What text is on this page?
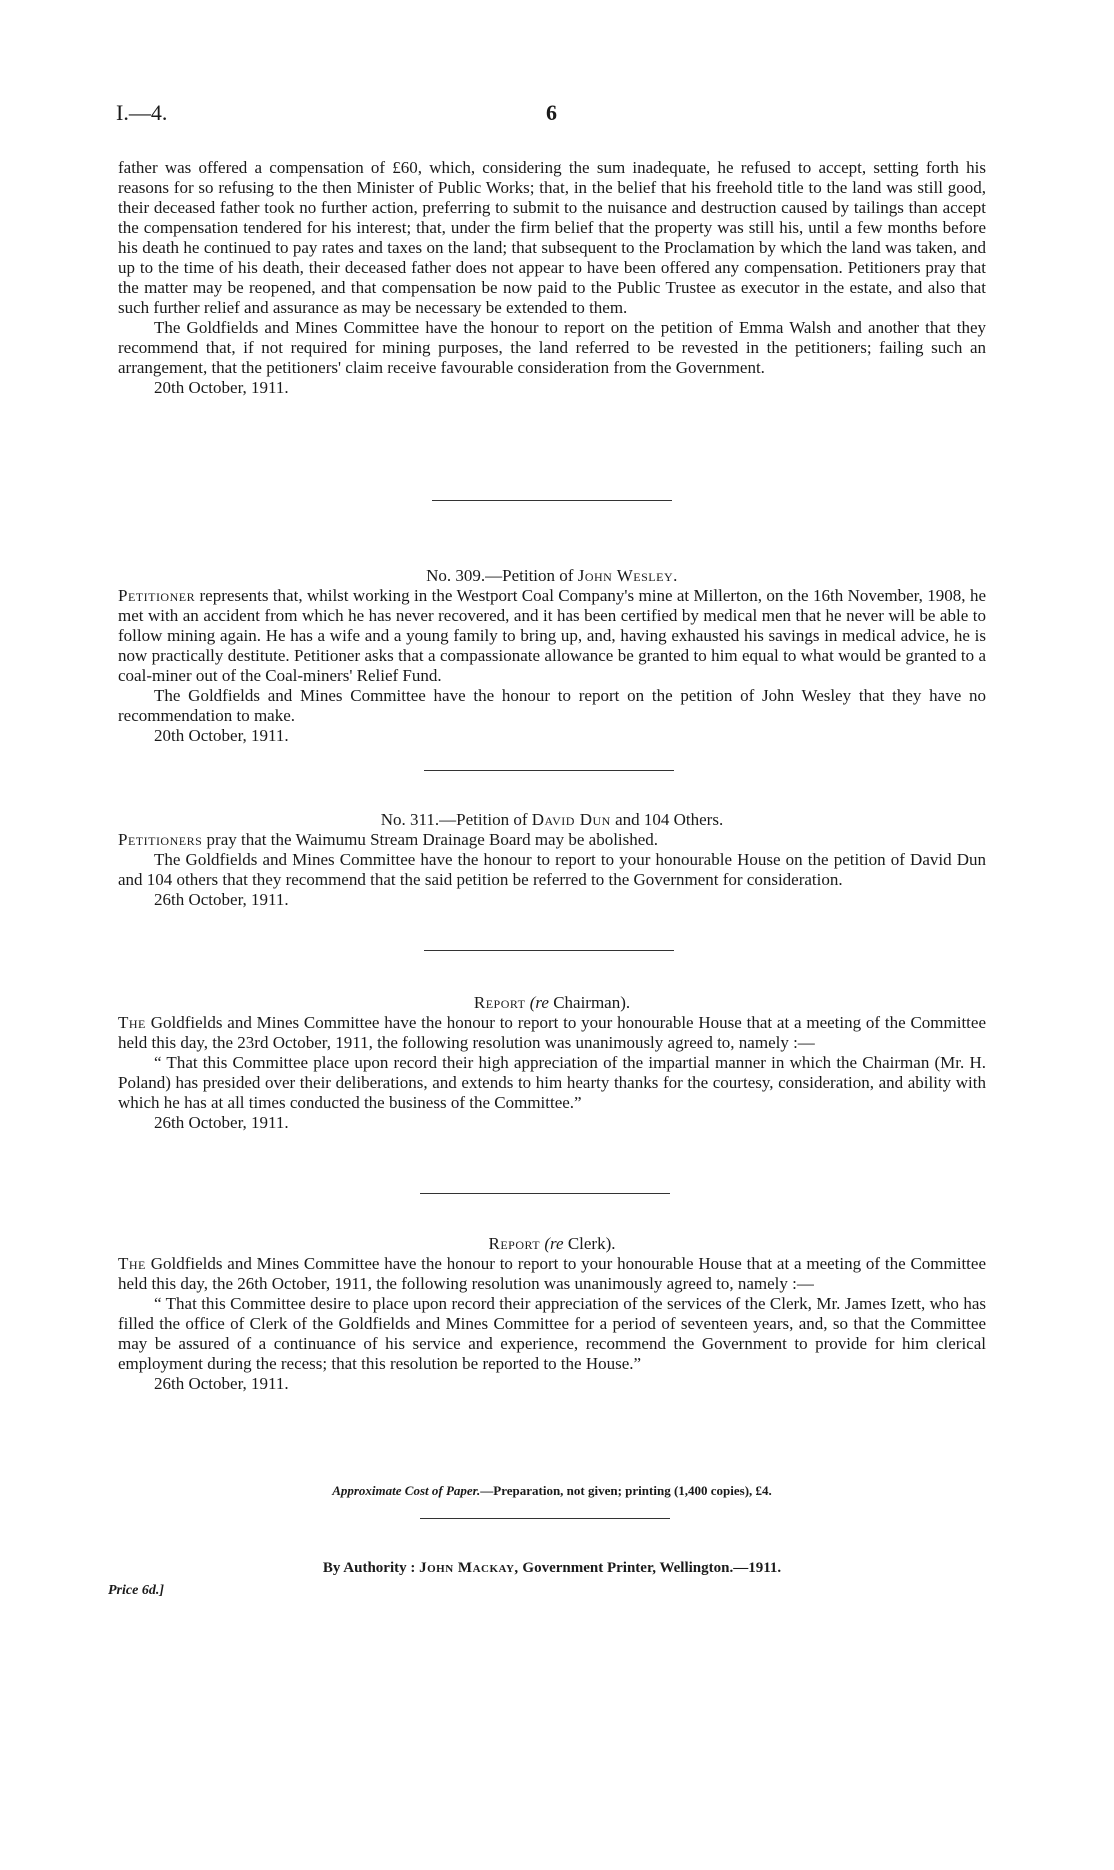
I.—4.	6

father was offered a compensation of £60, which, considering the sum inadequate, he refused to accept, setting forth his reasons for so refusing to the then Minister of Public Works; that, in the belief that his freehold title to the land was still good, their deceased father took no further action, preferring to submit to the nuisance and destruction caused by tailings than accept the compensation tendered for his interest; that, under the firm belief that the property was still his, until a few months before his death he continued to pay rates and taxes on the land; that subsequent to the Proclamation by which the land was taken, and up to the time of his death, their deceased father does not appear to have been offered any compensation. Petitioners pray that the matter may be reopened, and that compensation be now paid to the Public Trustee as executor in the estate, and also that such further relief and assurance as may be necessary be extended to them.

The Goldfields and Mines Committee have the honour to report on the petition of Emma Walsh and another that they recommend that, if not required for mining purposes, the land referred to be revested in the petitioners; failing such an arrangement, that the petitioners' claim receive favourable consideration from the Government.

20th October, 1911.

No. 309.—Petition of John Wesley.

Petitioner represents that, whilst working in the Westport Coal Company's mine at Millerton, on the 16th November, 1908, he met with an accident from which he has never recovered, and it has been certified by medical men that he never will be able to follow mining again. He has a wife and a young family to bring up, and, having exhausted his savings in medical advice, he is now practically destitute. Petitioner asks that a compassionate allowance be granted to him equal to what would be granted to a coal-miner out of the Coal-miners' Relief Fund.

The Goldfields and Mines Committee have the honour to report on the petition of John Wesley that they have no recommendation to make.

20th October, 1911.

No. 311.—Petition of David Dun and 104 Others.

Petitioners pray that the Waimumu Stream Drainage Board may be abolished.

The Goldfields and Mines Committee have the honour to report to your honourable House on the petition of David Dun and 104 others that they recommend that the said petition be referred to the Government for consideration.

26th October, 1911.

Report (re Chairman).

The Goldfields and Mines Committee have the honour to report to your honourable House that at a meeting of the Committee held this day, the 23rd October, 1911, the following resolution was unanimously agreed to, namely :—

“ That this Committee place upon record their high appreciation of the impartial manner in which the Chairman (Mr. H. Poland) has presided over their deliberations, and extends to him hearty thanks for the courtesy, consideration, and ability with which he has at all times conducted the business of the Committee.”

26th October, 1911.

Report (re Clerk).

The Goldfields and Mines Committee have the honour to report to your honourable House that at a meeting of the Committee held this day, the 26th October, 1911, the following resolution was unanimously agreed to, namely :—

“ That this Committee desire to place upon record their appreciation of the services of the Clerk, Mr. James Izett, who has filled the office of Clerk of the Goldfields and Mines Committee for a period of seventeen years, and, so that the Committee may be assured of a continuance of his service and experience, recommend the Government to provide for him clerical employment during the recess; that this resolution be reported to the House.”

26th October, 1911.

Approximate Cost of Paper.—Preparation, not given; printing (1,400 copies), £4.
By Authority : John Mackay, Government Printer, Wellington.—1911.
Price 6d.]
